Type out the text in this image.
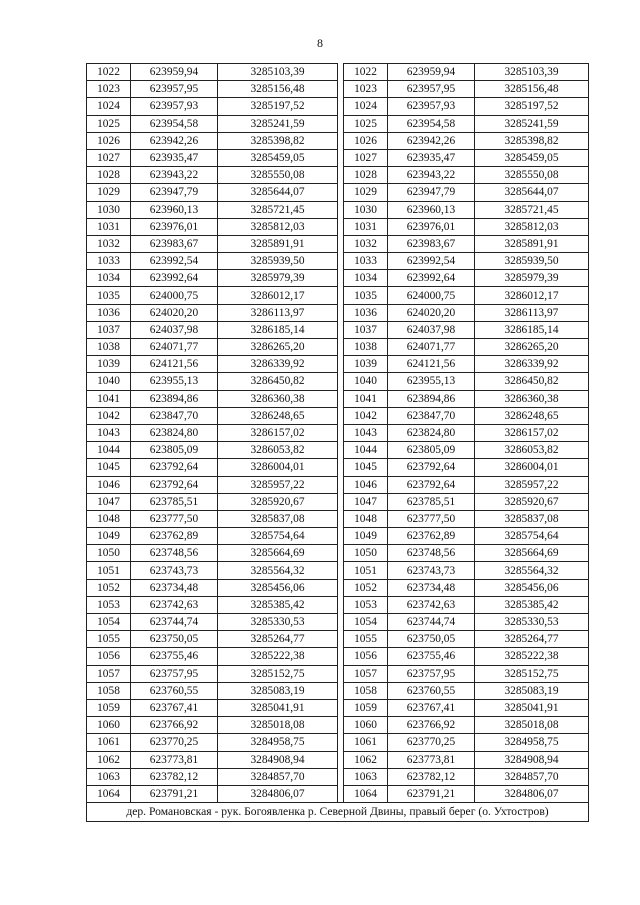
8
1022	623959,94	3285103,39		1022	623959,94	3285103,39
1023	623957,95	3285156,48		1023	623957,95	3285156,48
1024	623957,93	3285197,52		1024	623957,93	3285197,52
1025	623954,58	3285241,59		1025	623954,58	3285241,59
1026	623942,26	3285398,82		1026	623942,26	3285398,82
1027	623935,47	3285459,05		1027	623935,47	3285459,05
1028	623943,22	3285550,08		1028	623943,22	3285550,08
1029	623947,79	3285644,07		1029	623947,79	3285644,07
1030	623960,13	3285721,45		1030	623960,13	3285721,45
1031	623976,01	3285812,03		1031	623976,01	3285812,03
1032	623983,67	3285891,91		1032	623983,67	3285891,91
1033	623992,54	3285939,50		1033	623992,54	3285939,50
1034	623992,64	3285979,39		1034	623992,64	3285979,39
1035	624000,75	3286012,17		1035	624000,75	3286012,17
1036	624020,20	3286113,97		1036	624020,20	3286113,97
1037	624037,98	3286185,14		1037	624037,98	3286185,14
1038	624071,77	3286265,20		1038	624071,77	3286265,20
1039	624121,56	3286339,92		1039	624121,56	3286339,92
1040	623955,13	3286450,82		1040	623955,13	3286450,82
1041	623894,86	3286360,38		1041	623894,86	3286360,38
1042	623847,70	3286248,65		1042	623847,70	3286248,65
1043	623824,80	3286157,02		1043	623824,80	3286157,02
1044	623805,09	3286053,82		1044	623805,09	3286053,82
1045	623792,64	3286004,01		1045	623792,64	3286004,01
1046	623792,64	3285957,22		1046	623792,64	3285957,22
1047	623785,51	3285920,67		1047	623785,51	3285920,67
1048	623777,50	3285837,08		1048	623777,50	3285837,08
1049	623762,89	3285754,64		1049	623762,89	3285754,64
1050	623748,56	3285664,69		1050	623748,56	3285664,69
1051	623743,73	3285564,32		1051	623743,73	3285564,32
1052	623734,48	3285456,06		1052	623734,48	3285456,06
1053	623742,63	3285385,42		1053	623742,63	3285385,42
1054	623744,74	3285330,53		1054	623744,74	3285330,53
1055	623750,05	3285264,77		1055	623750,05	3285264,77
1056	623755,46	3285222,38		1056	623755,46	3285222,38
1057	623757,95	3285152,75		1057	623757,95	3285152,75
1058	623760,55	3285083,19		1058	623760,55	3285083,19
1059	623767,41	3285041,91		1059	623767,41	3285041,91
1060	623766,92	3285018,08		1060	623766,92	3285018,08
1061	623770,25	3284958,75		1061	623770,25	3284958,75
1062	623773,81	3284908,94		1062	623773,81	3284908,94
1063	623782,12	3284857,70		1063	623782,12	3284857,70
1064	623791,21	3284806,07		1064	623791,21	3284806,07
дер. Романовская - рук. Богоявленка р. Северной Двины, правый берег (о. Ухтостров)						
